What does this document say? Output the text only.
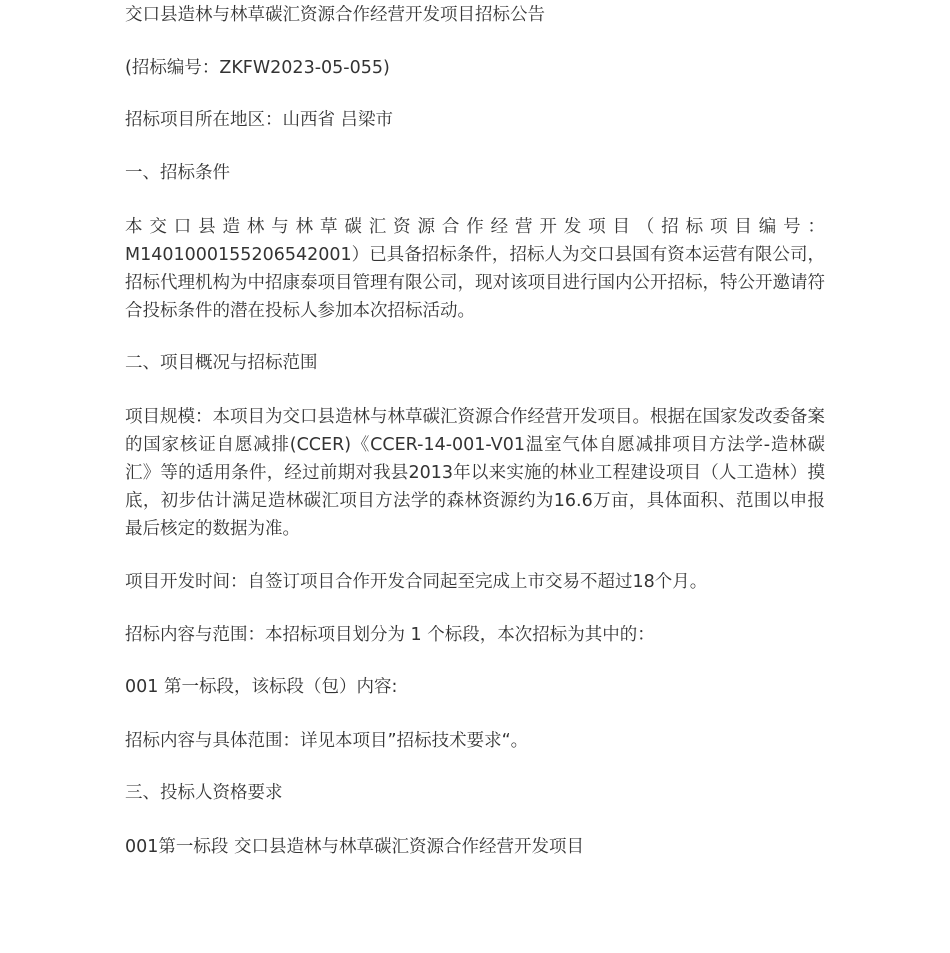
交口县造林与林草碳汇资源合作经营开发项目招标公告

(招标编号：ZKFW2023-05-055)

招标项目所在地区：山西省 吕梁市

一、招标条件

本交口县造林与林草碳汇资源合作经营开发项目（招标项目编号：M1401000155206542001）已具备招标条件，招标人为交口县国有资本运营有限公司，招标代理机构为中招康泰项目管理有限公司，现对该项目进行国内公开招标，特公开邀请符合投标条件的潜在投标人参加本次招标活动。

二、项目概况与招标范围

项目规模：本项目为交口县造林与林草碳汇资源合作经营开发项目。根据在国家发改委备案的国家核证自愿减排(CCER)《CCER-14-001-V01温室气体自愿减排项目方法学-造林碳汇》等的适用条件，经过前期对我县2013年以来实施的林业工程建设项目（人工造林）摸底，初步估计满足造林碳汇项目方法学的森林资源约为16.6万亩，具体面积、范围以申报最后核定的数据为准。

项目开发时间：自签订项目合作开发合同起至完成上市交易不超过18个月。

招标内容与范围：本招标项目划分为 1 个标段，本次招标为其中的：

001 第一标段，该标段（包）内容:

招标内容与具体范围：详见本项目”招标技术要求“。

三、投标人资格要求

001第一标段 交口县造林与林草碳汇资源合作经营开发项目
